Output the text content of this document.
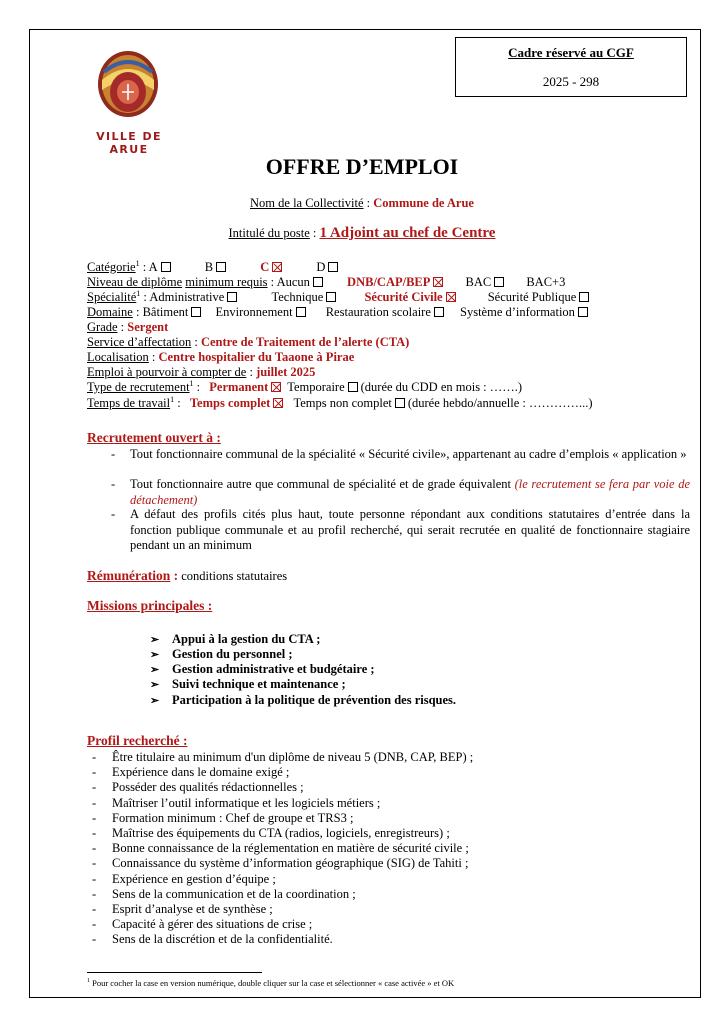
Cadre réservé au CGF
2025 - 298
VILLE DE ARUE
OFFRE D’EMPLOI
Nom de la Collectivité : Commune de Arue
Intitulé du poste : 1 Adjoint au chef de Centre
Catégorie$^1$ : A	B	C	D
Niveau de diplôme minimum requis : Aucun	DNB/CAP/BEP	BAC	BAC+3
Spécialité$^1$ : Administrative	Technique	Sécurité Civile	Sécurité Publique
Domaine : Bâtiment Environnement	Restauration scolaire Système d’information
Grade : Sergent
Service d’affectation : Centre de Traitement de l’alerte (CTA)
Localisation : Centre hospitalier du Taaone à Pirae
Emploi à pourvoir à compter de : juillet 2025
Type de recrutement$^1$ : Permanent Temporaire (durée du CDD en mois : …….)
Temps de travail$^1$ : Temps complet Temps non complet (durée hebdo/annuelle : …………...)
Recrutement ouvert à :
- Tout fonctionnaire communal de la spécialité « Sécurité civile», appartenant au cadre d’emplois « application »
- Tout fonctionnaire autre que communal de spécialité et de grade équivalent (le recrutement se fera par voie de détachement)
- A défaut des profils cités plus haut, toute personne répondant aux conditions statutaires d’entrée dans la fonction publique communale et au profil recherché, qui serait recrutée en qualité de fonctionnaire stagiaire pendant un an minimum
Rémunération : conditions statutaires
Missions principales :
➢ Appui à la gestion du CTA ;
➢ Gestion du personnel ;
➢ Gestion administrative et budgétaire ;
➢ Suivi technique et maintenance ;
➢ Participation à la politique de prévention des risques.
Profil recherché :
- Être titulaire au minimum d'un diplôme de niveau 5 (DNB, CAP, BEP) ;
- Expérience dans le domaine exigé ;
- Posséder des qualités rédactionnelles ;
- Maîtriser l’outil informatique et les logiciels métiers ;
- Formation minimum : Chef de groupe et TRS3 ;
- Maîtrise des équipements du CTA (radios, logiciels, enregistreurs) ;
- Bonne connaissance de la réglementation en matière de sécurité civile ;
- Connaissance du système d’information géographique (SIG) de Tahiti ;
- Expérience en gestion d’équipe ;
- Sens de la communication et de la coordination ;
- Esprit d’analyse et de synthèse ;
- Capacité à gérer des situations de crise ;
- Sens de la discrétion et de la confidentialité.
$^1$ Pour cocher la case en version numérique, double cliquer sur la case et sélectionner « case activée » et OK
